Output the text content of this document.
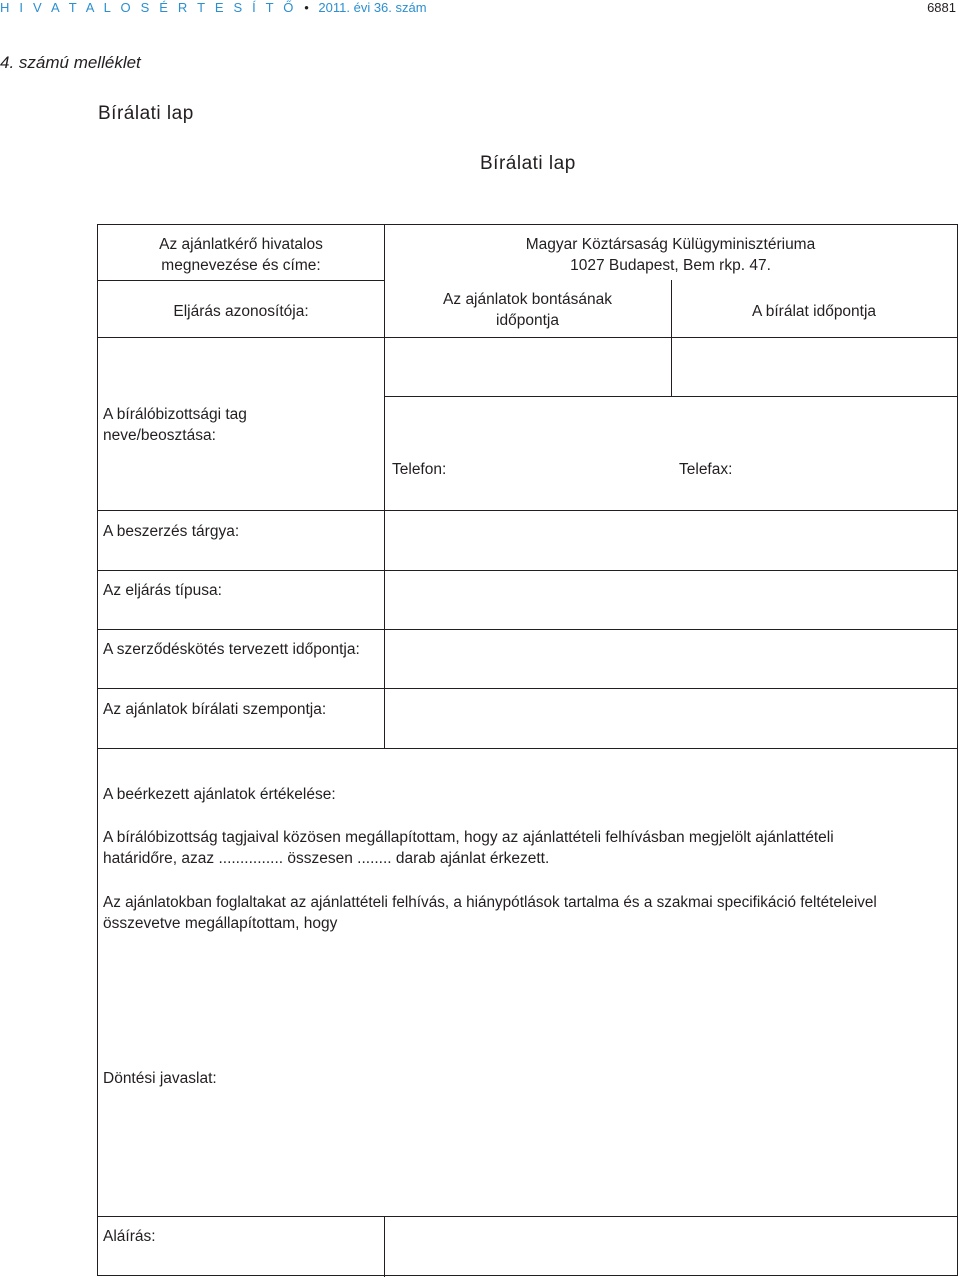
H I V A T A L O S É R T E S Í T Ő • 2011. évi 36. szám	6881
4. számú melléklet
Bírálati lap
Bírálati lap
Az ajánlatkérő hivatalos
megnevezése és címe:
Magyar Köztársaság Külügyminisztériuma
1027 Budapest, Bem rkp. 47.
Eljárás azonosítója:
Az ajánlatok bontásának
időpontja
A bírálat időpontja
A bírálóbizottsági tag
neve/beosztása:
Telefon:	Telefax:
A beszerzés tárgya:
Az eljárás típusa:
A szerződéskötés tervezett időpontja:
Az ajánlatok bírálati szempontja:
A beérkezett ajánlatok értékelése:
A bírálóbizottság tagjaival közösen megállapítottam, hogy az ajánlattételi felhívásban megjelölt ajánlattételi
határidőre, azaz ............... összesen ........ darab ajánlat érkezett.
Az ajánlatokban foglaltakat az ajánlattételi felhívás, a hiánypótlások tartalma és a szakmai specifikáció feltételeivel
összevetve megállapítottam, hogy
Döntési javaslat:
Aláírás:
